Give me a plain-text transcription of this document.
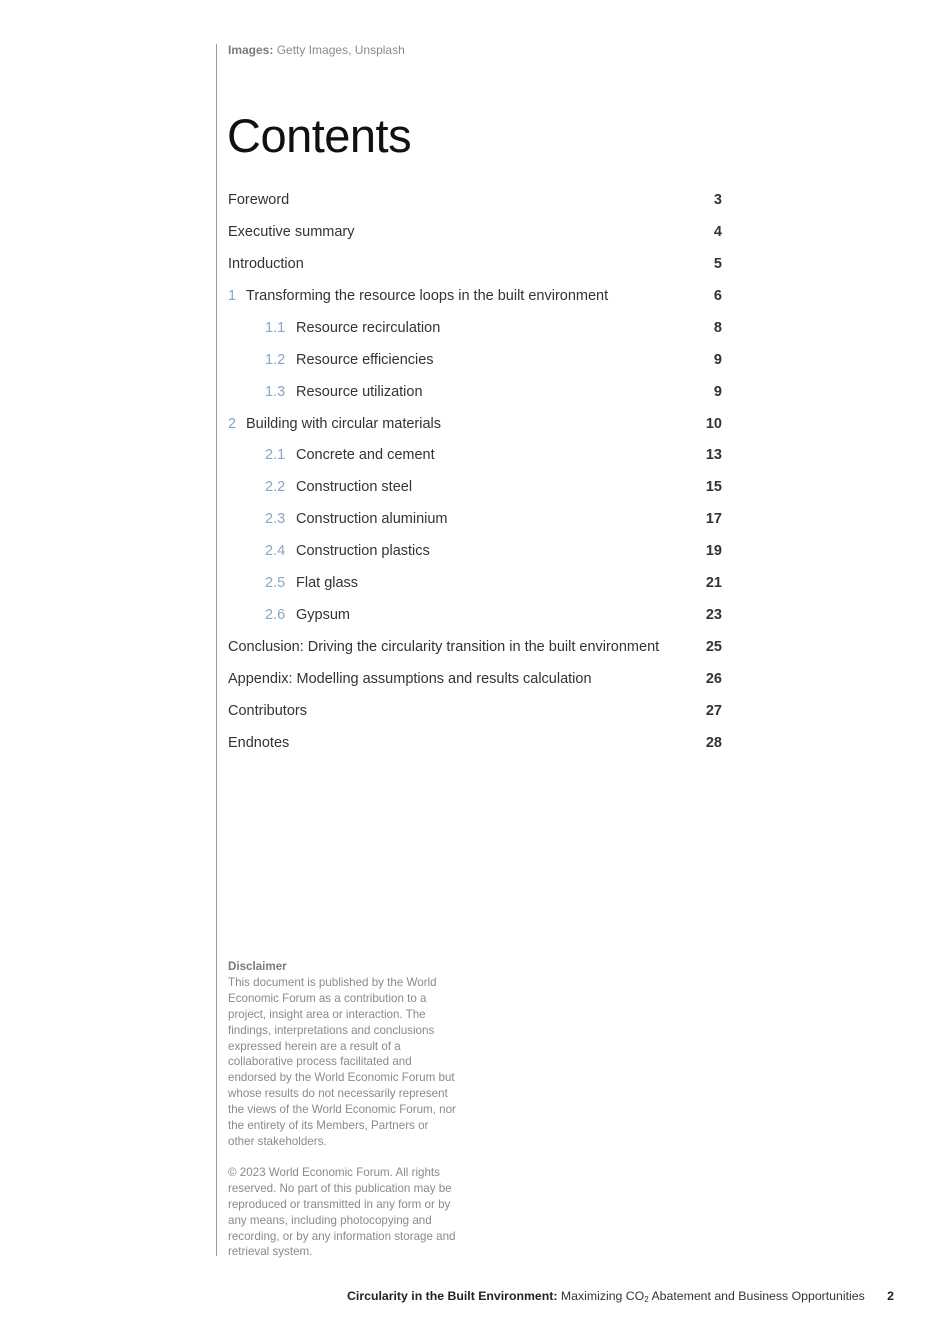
Images: Getty Images, Unsplash
Contents
Foreword	3
Executive summary	4
Introduction	5
1 Transforming the resource loops in the built environment	6
1.1 Resource recirculation	8
1.2 Resource efficiencies	9
1.3 Resource utilization	9
2 Building with circular materials	10
2.1 Concrete and cement	13
2.2 Construction steel	15
2.3 Construction aluminium	17
2.4 Construction plastics	19
2.5 Flat glass	21
2.6 Gypsum	23
Conclusion: Driving the circularity transition in the built environment	25
Appendix: Modelling assumptions and results calculation	26
Contributors	27
Endnotes	28
Disclaimer

This document is published by the World Economic Forum as a contribution to a project, insight area or interaction. The findings, interpretations and conclusions expressed herein are a result of a collaborative process facilitated and endorsed by the World Economic Forum but whose results do not necessarily represent the views of the World Economic Forum, nor the entirety of its Members, Partners or other stakeholders.

© 2023 World Economic Forum. All rights reserved. No part of this publication may be reproduced or transmitted in any form or by any means, including photocopying and recording, or by any information storage and retrieval system.

Circularity in the Built Environment: Maximizing $CO_2$ Abatement and Business Opportunities 2
